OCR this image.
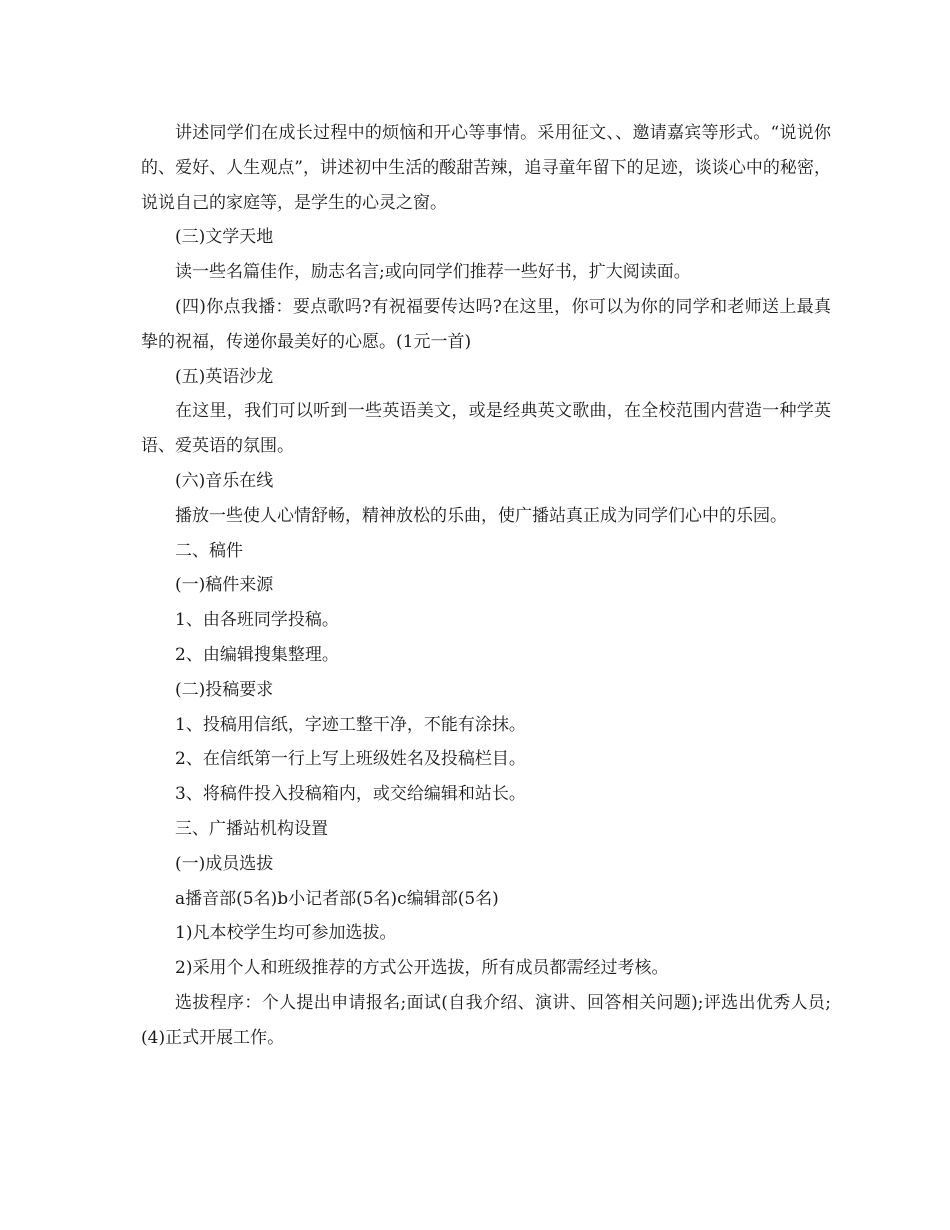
讲述同学们在成长过程中的烦恼和开心等事情。采用征文、、邀请嘉宾等形式。“说说你的、爱好、人生观点”，讲述初中生活的酸甜苦辣，追寻童年留下的足迹，谈谈心中的秘密，说说自己的家庭等，是学生的心灵之窗。

(三)文学天地

读一些名篇佳作，励志名言;或向同学们推荐一些好书，扩大阅读面。

(四)你点我播：要点歌吗?有祝福要传达吗?在这里，你可以为你的同学和老师送上最真挚的祝福，传递你最美好的心愿。(1元一首)

(五)英语沙龙

在这里，我们可以听到一些英语美文，或是经典英文歌曲，在全校范围内营造一种学英语、爱英语的氛围。

(六)音乐在线

播放一些使人心情舒畅，精神放松的乐曲，使广播站真正成为同学们心中的乐园。

二、稿件

(一)稿件来源

1、由各班同学投稿。

2、由编辑搜集整理。

(二)投稿要求

1、投稿用信纸，字迹工整干净，不能有涂抹。

2、在信纸第一行上写上班级姓名及投稿栏目。

3、将稿件投入投稿箱内，或交给编辑和站长。

三、广播站机构设置

(一)成员选拔

a播音部(5名)b小记者部(5名)c编辑部(5名)

1)凡本校学生均可参加选拔。

2)采用个人和班级推荐的方式公开选拔，所有成员都需经过考核。

选拔程序：个人提出申请报名;面试(自我介绍、演讲、回答相关问题);评选出优秀人员;(4)正式开展工作。
